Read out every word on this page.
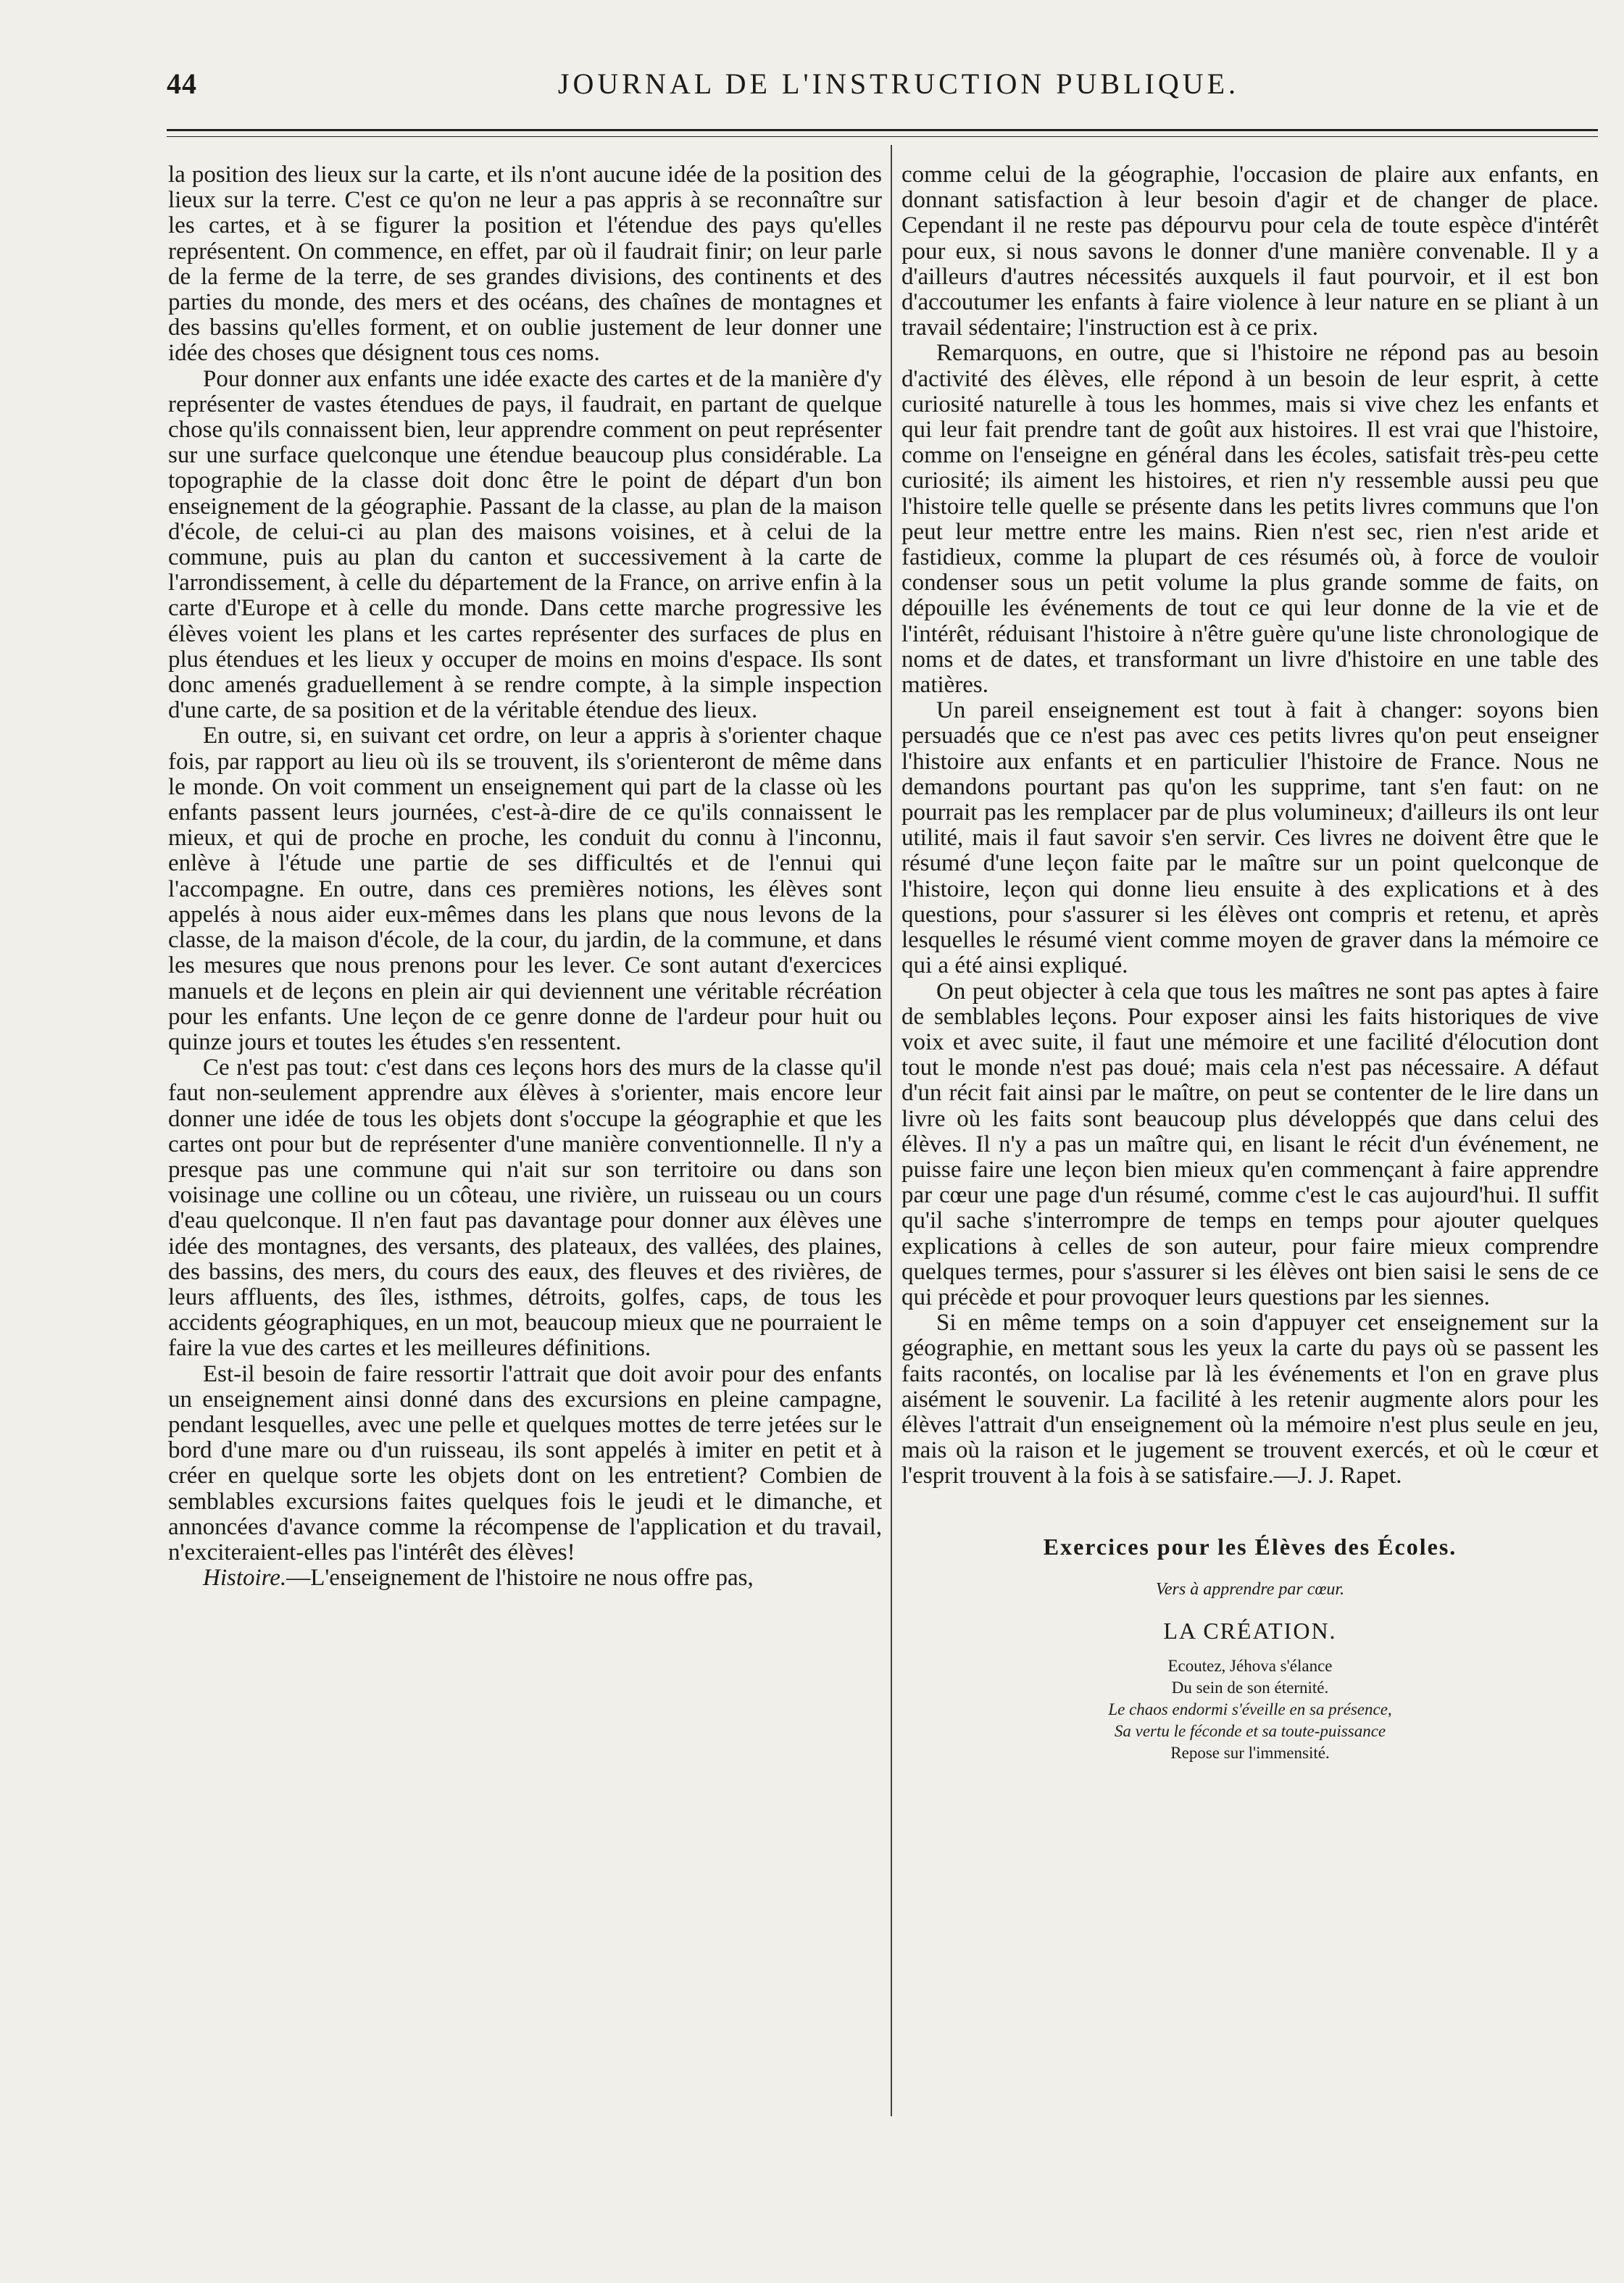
44	JOURNAL DE L'INSTRUCTION PUBLIQUE.

la position des lieux sur la carte, et ils n'ont aucune idée de la position des lieux sur la terre. C'est ce qu'on ne leur a pas appris à se reconnaître sur les cartes, et à se figurer la position et l'étendue des pays qu'elles représentent. On commence, en effet, par où il faudrait finir; on leur parle de la ferme de la terre, de ses grandes divisions, des continents et des parties du monde, des mers et des océans, des chaînes de montagnes et des bassins qu'elles forment, et on oublie justement de leur donner une idée des choses que désignent tous ces noms.

Pour donner aux enfants une idée exacte des cartes et de la manière d'y représenter de vastes étendues de pays, il faudrait, en partant de quelque chose qu'ils connaissent bien, leur apprendre comment on peut représenter sur une surface quelconque une étendue beaucoup plus considérable. La topographie de la classe doit donc être le point de départ d'un bon enseignement de la géographie. Passant de la classe, au plan de la maison d'école, de celui-ci au plan des maisons voisines, et à celui de la commune, puis au plan du canton et successivement à la carte de l'arrondissement, à celle du département de la France, on arrive enfin à la carte d'Europe et à celle du monde. Dans cette marche progressive les élèves voient les plans et les cartes représenter des surfaces de plus en plus étendues et les lieux y occuper de moins en moins d'espace. Ils sont donc amenés graduellement à se rendre compte, à la simple inspection d'une carte, de sa position et de la véritable étendue des lieux.

En outre, si, en suivant cet ordre, on leur a appris à s'orienter chaque fois, par rapport au lieu où ils se trouvent, ils s'orienteront de même dans le monde. On voit comment un enseignement qui part de la classe où les enfants passent leurs journées, c'est-à-dire de ce qu'ils connaissent le mieux, et qui de proche en proche, les conduit du connu à l'inconnu, enlève à l'étude une partie de ses difficultés et de l'ennui qui l'accompagne. En outre, dans ces premières notions, les élèves sont appelés à nous aider eux-mêmes dans les plans que nous levons de la classe, de la maison d'école, de la cour, du jardin, de la commune, et dans les mesures que nous prenons pour les lever. Ce sont autant d'exercices manuels et de leçons en plein air qui deviennent une véritable récréation pour les enfants. Une leçon de ce genre donne de l'ardeur pour huit ou quinze jours et toutes les études s'en ressentent.

Ce n'est pas tout: c'est dans ces leçons hors des murs de la classe qu'il faut non-seulement apprendre aux élèves à s'orienter, mais encore leur donner une idée de tous les objets dont s'occupe la géographie et que les cartes ont pour but de représenter d'une manière conventionnelle. Il n'y a presque pas une commune qui n'ait sur son territoire ou dans son voisinage une colline ou un côteau, une rivière, un ruisseau ou un cours d'eau quelconque. Il n'en faut pas davantage pour donner aux élèves une idée des montagnes, des versants, des plateaux, des vallées, des plaines, des bassins, des mers, du cours des eaux, des fleuves et des rivières, de leurs affluents, des îles, isthmes, détroits, golfes, caps, de tous les accidents géographiques, en un mot, beaucoup mieux que ne pourraient le faire la vue des cartes et les meilleures définitions.

Est-il besoin de faire ressortir l'attrait que doit avoir pour des enfants un enseignement ainsi donné dans des excursions en pleine campagne, pendant lesquelles, avec une pelle et quelques mottes de terre jetées sur le bord d'une mare ou d'un ruisseau, ils sont appelés à imiter en petit et à créer en quelque sorte les objets dont on les entretient? Combien de semblables excursions faites quelques fois le jeudi et le dimanche, et annoncées d'avance comme la récompense de l'application et du travail, n'exciteraient-elles pas l'intérêt des élèves!

Histoire.—L'enseignement de l'histoire ne nous offre pas,

comme celui de la géographie, l'occasion de plaire aux enfants, en donnant satisfaction à leur besoin d'agir et de changer de place. Cependant il ne reste pas dépourvu pour cela de toute espèce d'intérêt pour eux, si nous savons le donner d'une manière convenable. Il y a d'ailleurs d'autres nécessités auxquels il faut pourvoir, et il est bon d'accoutumer les enfants à faire violence à leur nature en se pliant à un travail sédentaire; l'instruction est à ce prix.

Remarquons, en outre, que si l'histoire ne répond pas au besoin d'activité des élèves, elle répond à un besoin de leur esprit, à cette curiosité naturelle à tous les hommes, mais si vive chez les enfants et qui leur fait prendre tant de goût aux histoires. Il est vrai que l'histoire, comme on l'enseigne en général dans les écoles, satisfait très-peu cette curiosité; ils aiment les histoires, et rien n'y ressemble aussi peu que l'histoire telle quelle se présente dans les petits livres communs que l'on peut leur mettre entre les mains. Rien n'est sec, rien n'est aride et fastidieux, comme la plupart de ces résumés où, à force de vouloir condenser sous un petit volume la plus grande somme de faits, on dépouille les événements de tout ce qui leur donne de la vie et de l'intérêt, réduisant l'histoire à n'être guère qu'une liste chronologique de noms et de dates, et transformant un livre d'histoire en une table des matières.

Un pareil enseignement est tout à fait à changer: soyons bien persuadés que ce n'est pas avec ces petits livres qu'on peut enseigner l'histoire aux enfants et en particulier l'histoire de France. Nous ne demandons pourtant pas qu'on les supprime, tant s'en faut: on ne pourrait pas les remplacer par de plus volumineux; d'ailleurs ils ont leur utilité, mais il faut savoir s'en servir. Ces livres ne doivent être que le résumé d'une leçon faite par le maître sur un point quelconque de l'histoire, leçon qui donne lieu ensuite à des explications et à des questions, pour s'assurer si les élèves ont compris et retenu, et après lesquelles le résumé vient comme moyen de graver dans la mémoire ce qui a été ainsi expliqué.

On peut objecter à cela que tous les maîtres ne sont pas aptes à faire de semblables leçons. Pour exposer ainsi les faits historiques de vive voix et avec suite, il faut une mémoire et une facilité d'élocution dont tout le monde n'est pas doué; mais cela n'est pas nécessaire. A défaut d'un récit fait ainsi par le maître, on peut se contenter de le lire dans un livre où les faits sont beaucoup plus développés que dans celui des élèves. Il n'y a pas un maître qui, en lisant le récit d'un événement, ne puisse faire une leçon bien mieux qu'en commençant à faire apprendre par cœur une page d'un résumé, comme c'est le cas aujourd'hui. Il suffit qu'il sache s'interrompre de temps en temps pour ajouter quelques explications à celles de son auteur, pour faire mieux comprendre quelques termes, pour s'assurer si les élèves ont bien saisi le sens de ce qui précède et pour provoquer leurs questions par les siennes.

Si en même temps on a soin d'appuyer cet enseignement sur la géographie, en mettant sous les yeux la carte du pays où se passent les faits racontés, on localise par là les événements et l'on en grave plus aisément le souvenir. La facilité à les retenir augmente alors pour les élèves l'attrait d'un enseignement où la mémoire n'est plus seule en jeu, mais où la raison et le jugement se trouvent exercés, et où le cœur et l'esprit trouvent à la fois à se satisfaire.—J. J. Rapet.

Exercices pour les Élèves des Écoles.
Vers à apprendre par cœur.
LA CRÉATION.
Ecoutez, Jéhova s'élance
Du sein de son éternité.
Le chaos endormi s'éveille en sa présence,
Sa vertu le féconde et sa toute-puissance
Repose sur l'immensité.
